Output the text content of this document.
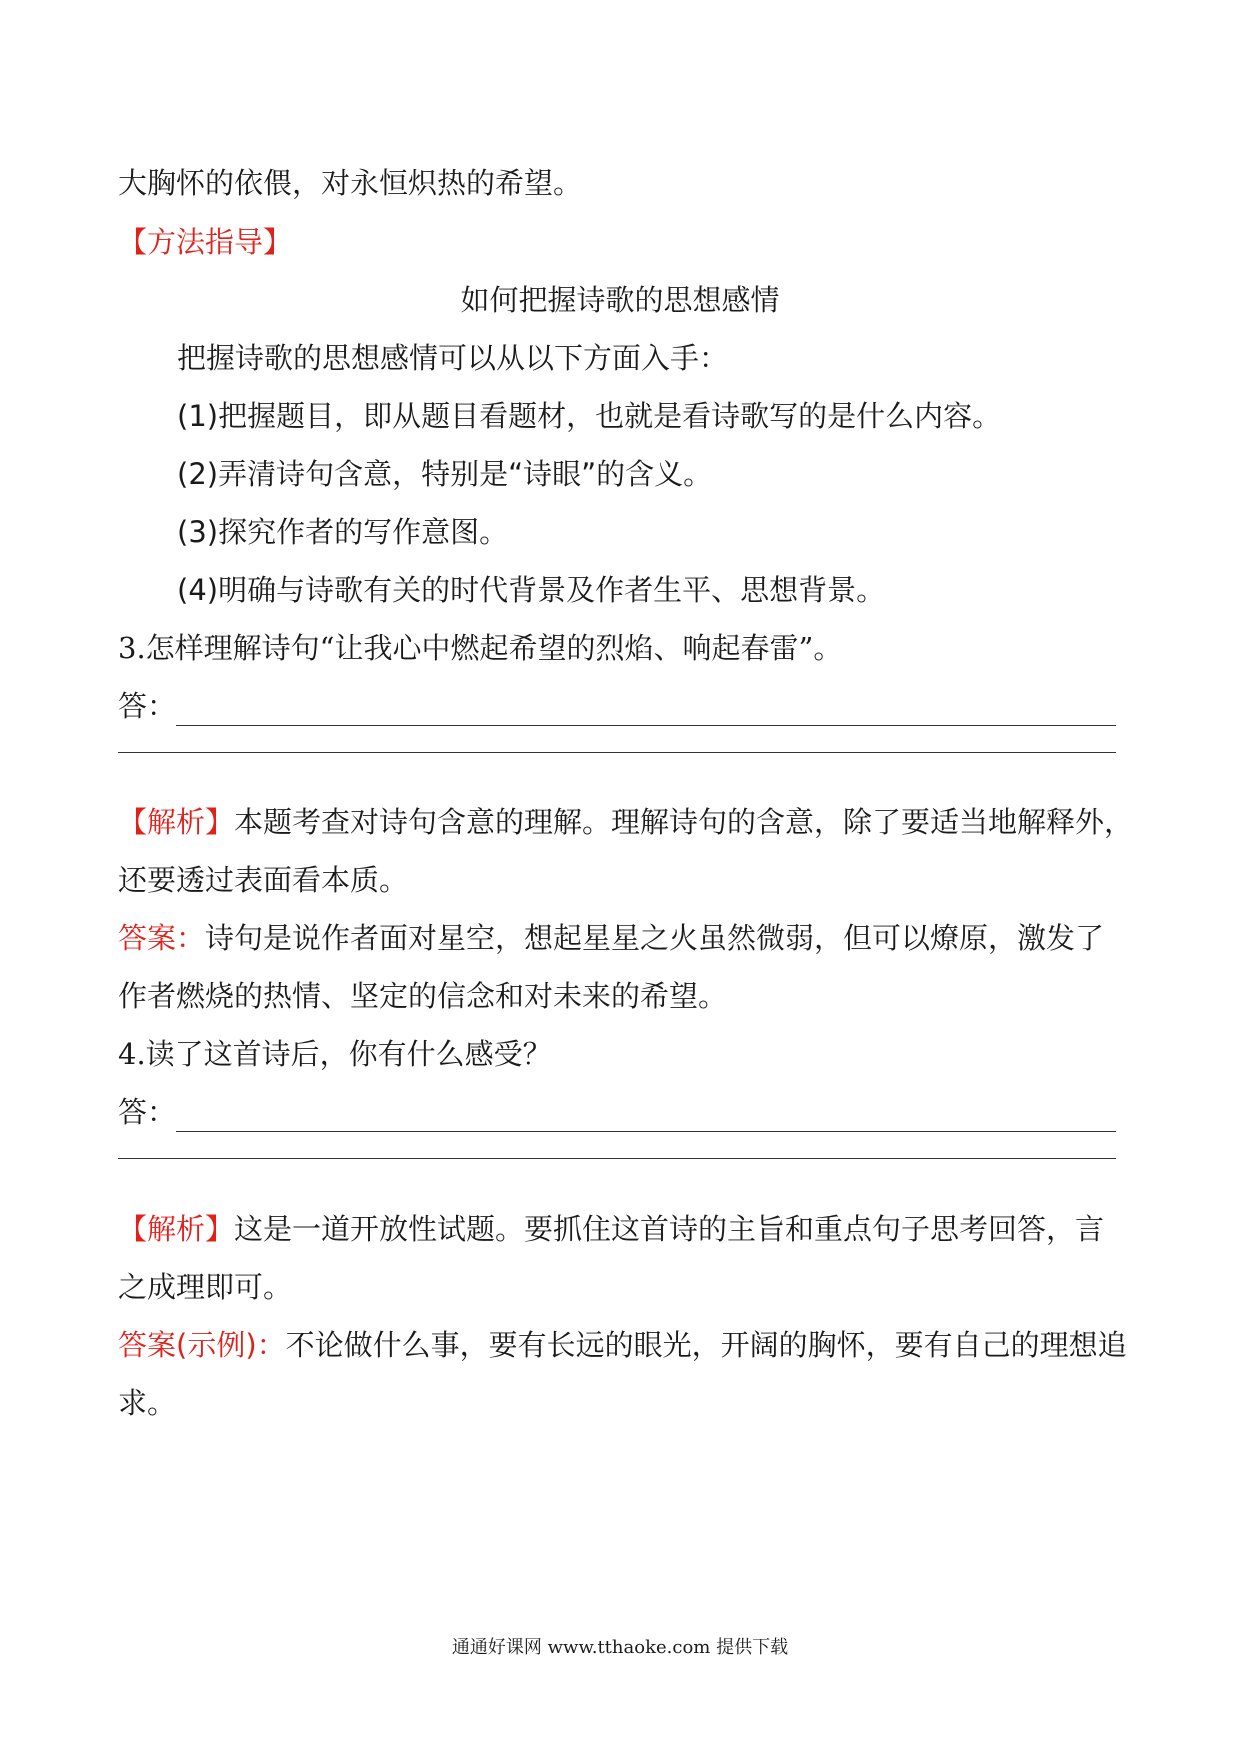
大胸怀的依偎，对永恒炽热的希望。
【方法指导】
如何把握诗歌的思想感情
把握诗歌的思想感情可以从以下方面入手：
(1)把握题目，即从题目看题材，也就是看诗歌写的是什么内容。
(2)弄清诗句含意，特别是“诗眼”的含义。
(3)探究作者的写作意图。
(4)明确与诗歌有关的时代背景及作者生平、思想背景。
3.怎样理解诗句“让我心中燃起希望的烈焰、响起春雷”。
答：
【解析】本题考查对诗句含意的理解。理解诗句的含意，除了要适当地解释外，
还要透过表面看本质。
答案：诗句是说作者面对星空，想起星星之火虽然微弱，但可以燎原，激发了
作者燃烧的热情、坚定的信念和对未来的希望。
4.读了这首诗后，你有什么感受？
答：
【解析】这是一道开放性试题。要抓住这首诗的主旨和重点句子思考回答，言
之成理即可。
答案(示例)：不论做什么事，要有长远的眼光，开阔的胸怀，要有自己的理想追
求。
通通好课网 www.tthaoke.com 提供下载
